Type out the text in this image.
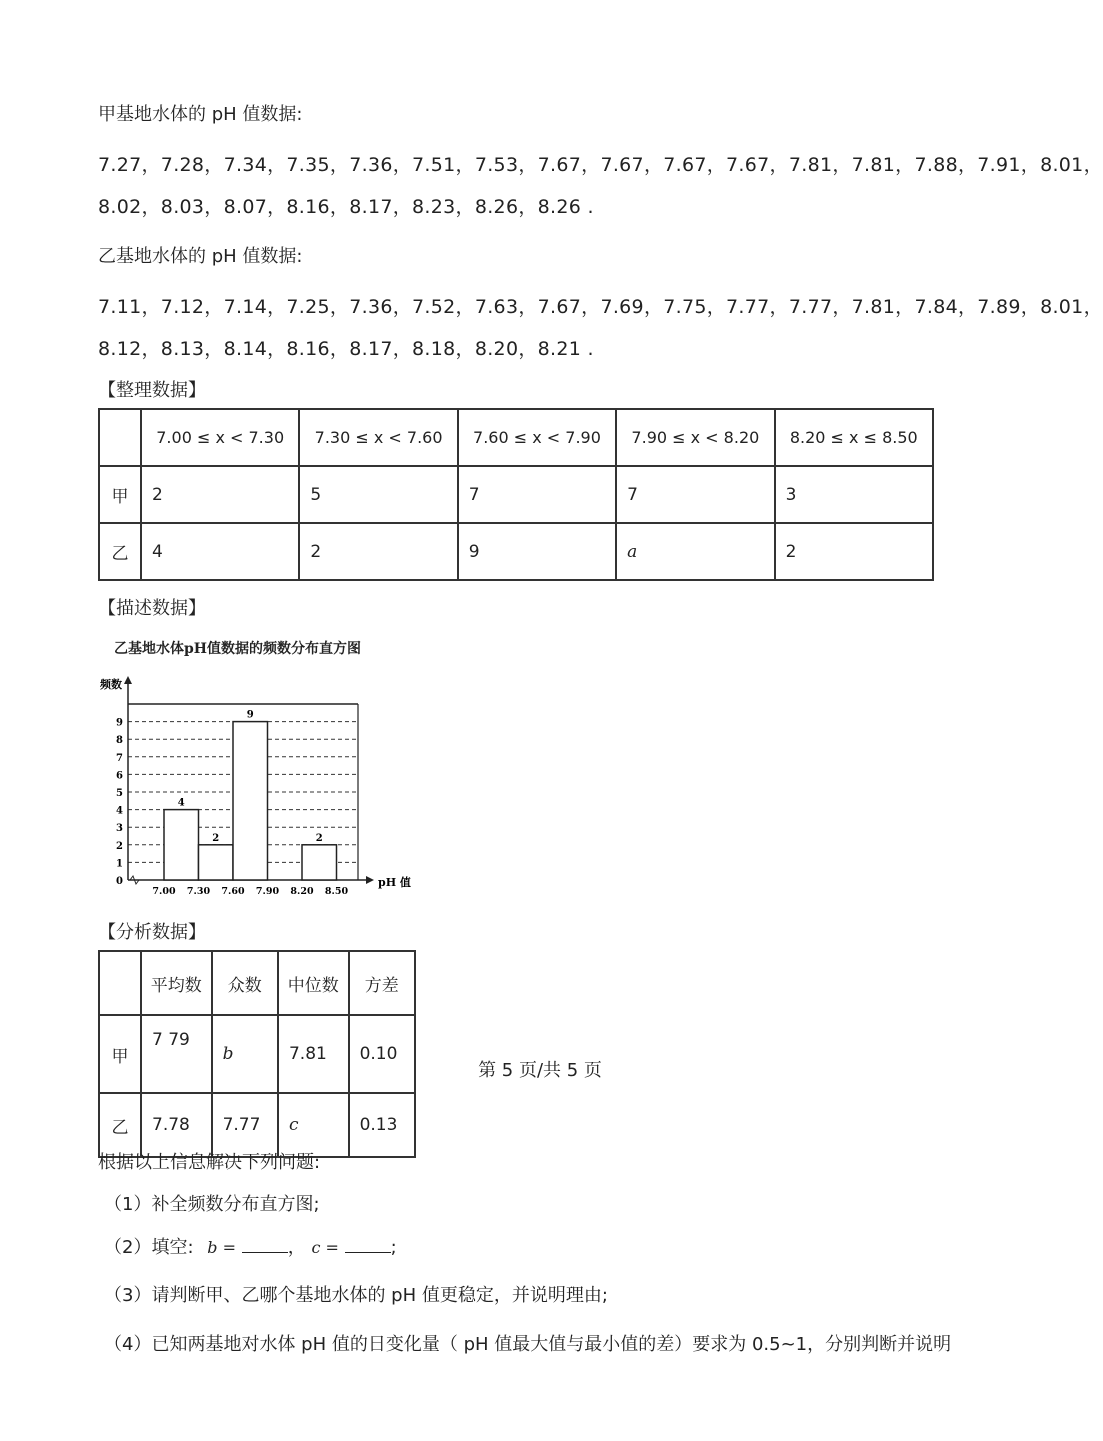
甲基地水体的 pH 值数据:
7.27，7.28，7.34，7.35，7.36，7.51，7.53，7.67，7.67，7.67，7.67，7.81，7.81，7.88，7.91，8.01，
8.02，8.03，8.07，8.16，8.17，8.23，8.26，8.26 .
乙基地水体的 pH 值数据:
7.11，7.12，7.14，7.25，7.36，7.52，7.63，7.67，7.69，7.75，7.77，7.77，7.81，7.84，7.89，8.01，
8.12，8.13，8.14，8.16，8.17，8.18，8.20，8.21 .
【整理数据】
	7.00 ≤ x < 7.30	7.30 ≤ x < 7.60	7.60 ≤ x < 7.90	7.90 ≤ x < 8.20	8.20 ≤ x ≤ 8.50
甲	2	5	7	7	3
乙	4	2	9	a	2
【描述数据】
乙基地水体pH值数据的频数分布直方图
0
1
2
3
4
5
6
7
8
9
频数
pH 值
4
2
9
2
7.00 7.30 7.60 7.90 8.20 8.50
【分析数据】
	平均数	众数	中位数	方差
甲	7 79	b	7.81	0.10
乙	7.78	7.77	c	0.13
根据以上信息解决下列问题:
（1）补全频数分布直方图;
（2）填空: b =	， c =	;
（3）请判断甲、乙哪个基地水体的 pH 值更稳定，并说明理由;
（4）已知两基地对水体 pH 值的日变化量（ pH 值最大值与最小值的差）要求为 0.5~1，分别判断并说明
第 5 页/共 5 页
